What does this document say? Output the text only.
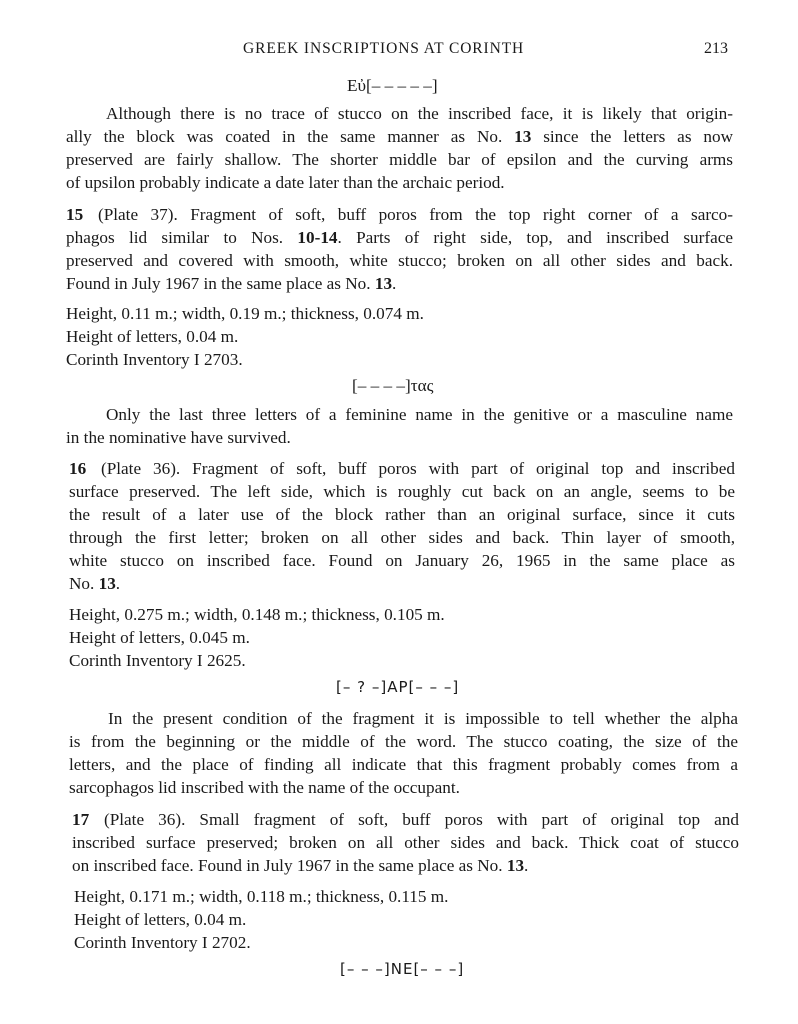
GREEK INSCRIPTIONS AT CORINTH	213
Εὐ[– – – – –]
Although there is no trace of stucco on the inscribed face, it is likely that origin-
ally the block was coated in the same manner as No. 13 since the letters as now
preserved are fairly shallow. The shorter middle bar of epsilon and the curving arms
of upsilon probably indicate a date later than the archaic period.
15 (Plate 37). Fragment of soft, buff poros from the top right corner of a sarco-
phagos lid similar to Nos. 10-14. Parts of right side, top, and inscribed surface
preserved and covered with smooth, white stucco; broken on all other sides and back.
Found in July 1967 in the same place as No. 13.
Height, 0.11 m.; width, 0.19 m.; thickness, 0.074 m.
Height of letters, 0.04 m.
Corinth Inventory I 2703.
[– – – –]τας
Only the last three letters of a feminine name in the genitive or a masculine name
in the nominative have survived.
16 (Plate 36). Fragment of soft, buff poros with part of original top and inscribed
surface preserved. The left side, which is roughly cut back on an angle, seems to be
the result of a later use of the block rather than an original surface, since it cuts
through the first letter; broken on all other sides and back. Thin layer of smooth,
white stucco on inscribed face. Found on January 26, 1965 in the same place as
No. 13.
Height, 0.275 m.; width, 0.148 m.; thickness, 0.105 m.
Height of letters, 0.045 m.
Corinth Inventory I 2625.
[– ? –]AP[– – –]
In the present condition of the fragment it is impossible to tell whether the alpha
is from the beginning or the middle of the word. The stucco coating, the size of the
letters, and the place of finding all indicate that this fragment probably comes from a
sarcophagos lid inscribed with the name of the occupant.
17 (Plate 36). Small fragment of soft, buff poros with part of original top and
inscribed surface preserved; broken on all other sides and back. Thick coat of stucco
on inscribed face. Found in July 1967 in the same place as No. 13.
Height, 0.171 m.; width, 0.118 m.; thickness, 0.115 m.
Height of letters, 0.04 m.
Corinth Inventory I 2702.
[– – –]NE[– – –]
